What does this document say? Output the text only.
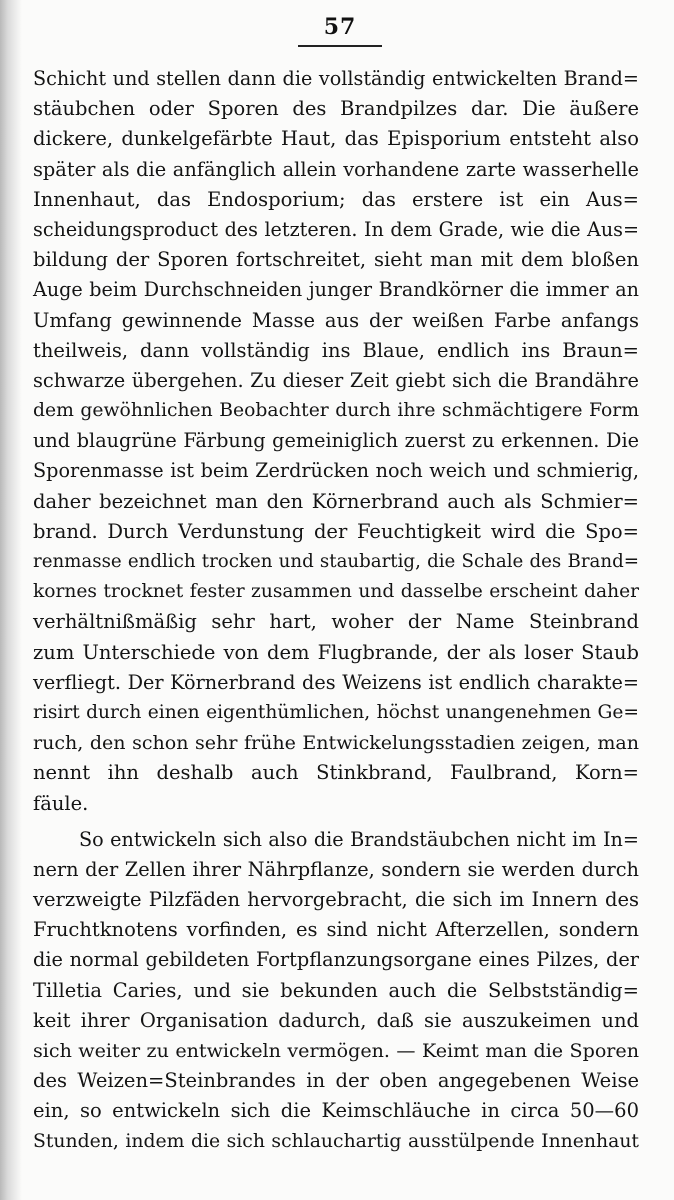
57
Schicht und stellen dann die vollständig entwickelten Brand=
stäubchen oder Sporen des Brandpilzes dar. Die äußere
dickere, dunkelgefärbte Haut, das Episporium entsteht also
später als die anfänglich allein vorhandene zarte wasserhelle
Innenhaut, das Endosporium; das erstere ist ein Aus=
scheidungsproduct des letzteren. In dem Grade, wie die Aus=
bildung der Sporen fortschreitet, sieht man mit dem bloßen
Auge beim Durchschneiden junger Brandkörner die immer an
Umfang gewinnende Masse aus der weißen Farbe anfangs
theilweis, dann vollständig ins Blaue, endlich ins Braun=
schwarze übergehen. Zu dieser Zeit giebt sich die Brandähre
dem gewöhnlichen Beobachter durch ihre schmächtigere Form
und blaugrüne Färbung gemeiniglich zuerst zu erkennen. Die
Sporenmasse ist beim Zerdrücken noch weich und schmierig,
daher bezeichnet man den Körnerbrand auch als Schmier=
brand. Durch Verdunstung der Feuchtigkeit wird die Spo=
renmasse endlich trocken und staubartig, die Schale des Brand=
kornes trocknet fester zusammen und dasselbe erscheint daher
verhältnißmäßig sehr hart, woher der Name Steinbrand
zum Unterschiede von dem Flugbrande, der als loser Staub
verfliegt. Der Körnerbrand des Weizens ist endlich charakte=
risirt durch einen eigenthümlichen, höchst unangenehmen Ge=
ruch, den schon sehr frühe Entwickelungsstadien zeigen, man
nennt ihn deshalb auch Stinkbrand, Faulbrand, Korn=
fäule.
So entwickeln sich also die Brandstäubchen nicht im In=
nern der Zellen ihrer Nährpflanze, sondern sie werden durch
verzweigte Pilzfäden hervorgebracht, die sich im Innern des
Fruchtknotens vorfinden, es sind nicht Afterzellen, sondern
die normal gebildeten Fortpflanzungsorgane eines Pilzes, der
Tilletia Caries, und sie bekunden auch die Selbstständig=
keit ihrer Organisation dadurch, daß sie auszukeimen und
sich weiter zu entwickeln vermögen. — Keimt man die Sporen
des Weizen=Steinbrandes in der oben angegebenen Weise
ein, so entwickeln sich die Keimschläuche in circa 50—60
Stunden, indem die sich schlauchartig ausstülpende Innenhaut
